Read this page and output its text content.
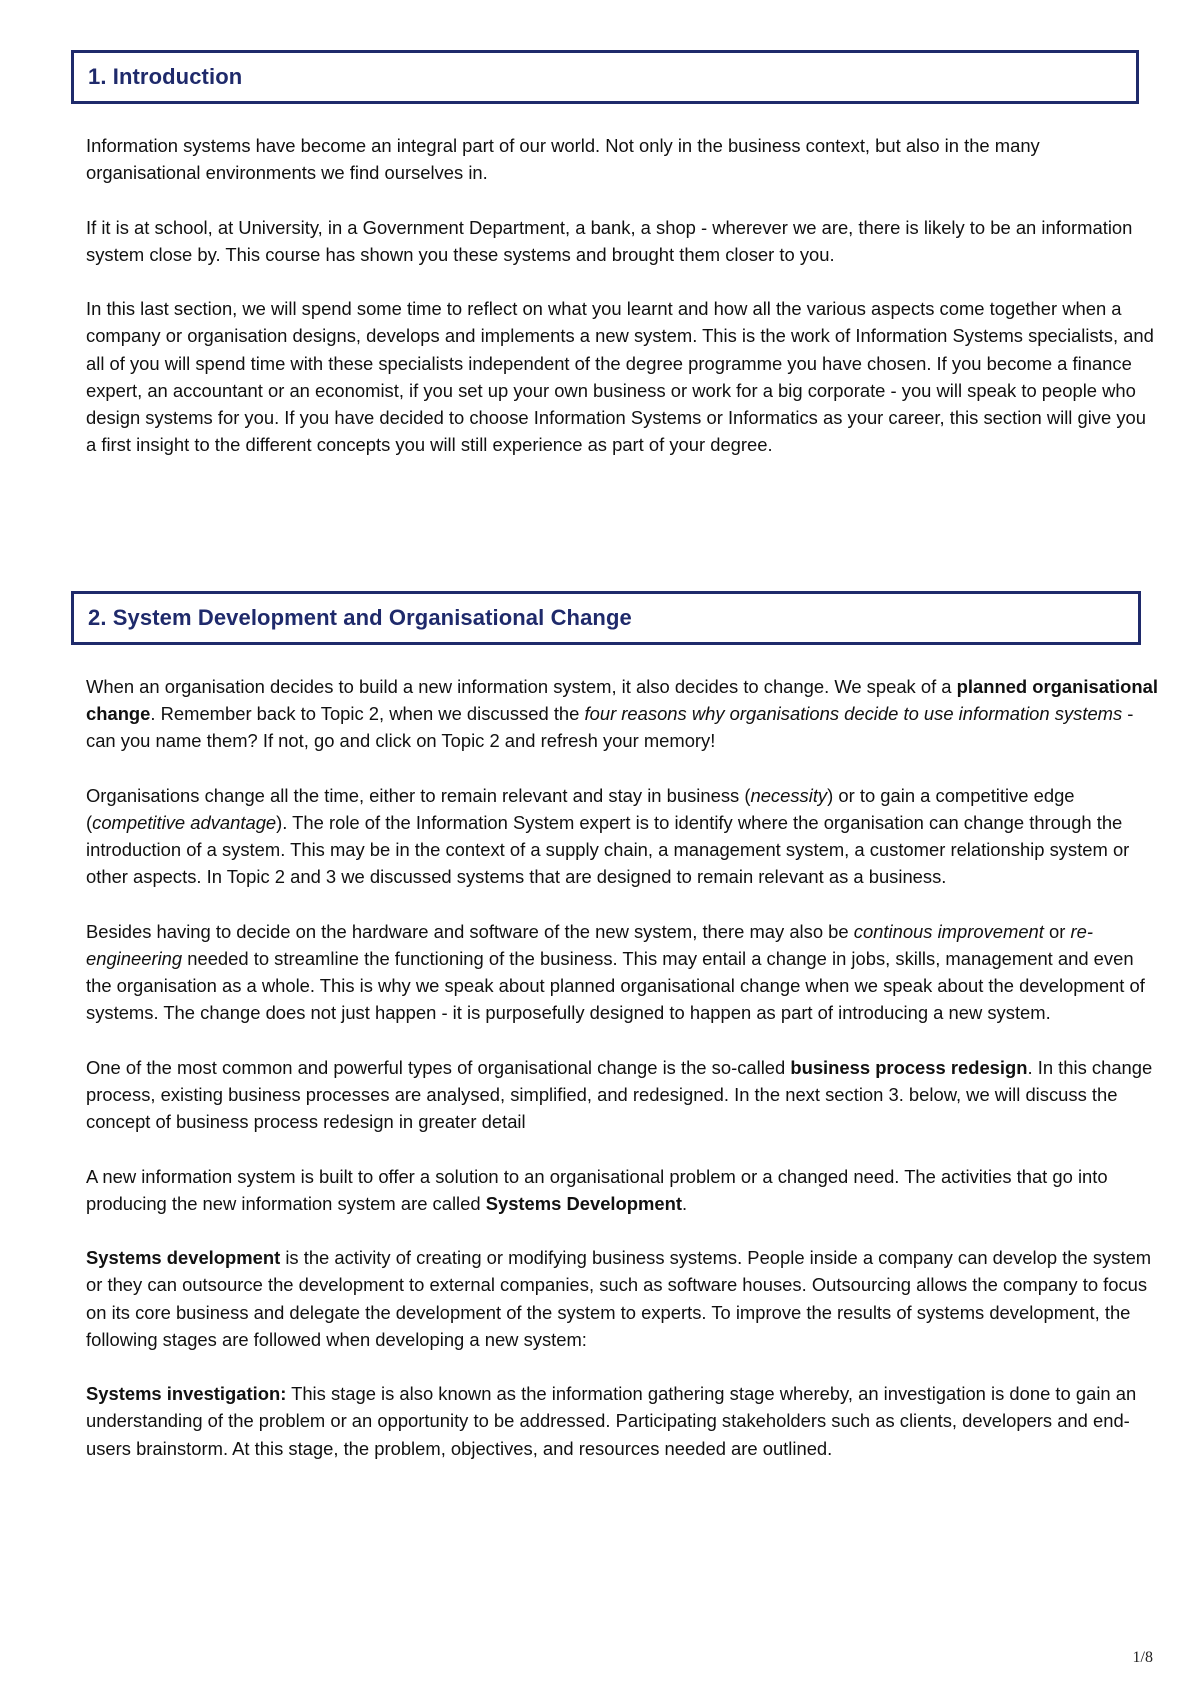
1. Introduction

Information systems have become an integral part of our world. Not only in the business context, but also in the many organisational environments we find ourselves in.

If it is at school, at University, in a Government Department, a bank, a shop - wherever we are, there is likely to be an information system close by. This course has shown you these systems and brought them closer to you.

In this last section, we will spend some time to reflect on what you learnt and how all the various aspects come together when a company or organisation designs, develops and implements a new system. This is the work of Information Systems specialists, and all of you will spend time with these specialists independent of the degree programme you have chosen. If you become a finance expert, an accountant or an economist, if you set up your own business or work for a big corporate - you will speak to people who design systems for you. If you have decided to choose Information Systems or Informatics as your career, this section will give you a first insight to the different concepts you will still experience as part of your degree.

2. System Development and Organisational Change

When an organisation decides to build a new information system, it also decides to change. We speak of a planned organisational change. Remember back to Topic 2, when we discussed the four reasons why organisations decide to use information systems - can you name them? If not, go and click on Topic 2 and refresh your memory!

Organisations change all the time, either to remain relevant and stay in business (necessity) or to gain a competitive edge (competitive advantage). The role of the Information System expert is to identify where the organisation can change through the introduction of a system. This may be in the context of a supply chain, a management system, a customer relationship system or other aspects. In Topic 2 and 3 we discussed systems that are designed to remain relevant as a business.

Besides having to decide on the hardware and software of the new system, there may also be continous improvement or re-engineering needed to streamline the functioning of the business. This may entail a change in jobs, skills, management and even the organisation as a whole. This is why we speak about planned organisational change when we speak about the development of systems. The change does not just happen - it is purposefully designed to happen as part of introducing a new system.

One of the most common and powerful types of organisational change is the so-called business process redesign. In this change process, existing business processes are analysed, simplified, and redesigned. In the next section 3. below, we will discuss the concept of business process redesign in greater detail

A new information system is built to offer a solution to an organisational problem or a changed need. The activities that go into producing the new information system are called Systems Development.

Systems development is the activity of creating or modifying business systems. People inside a company can develop the system or they can outsource the development to external companies, such as software houses. Outsourcing allows the company to focus on its core business and delegate the development of the system to experts. To improve the results of systems development, the following stages are followed when developing a new system:

Systems investigation: This stage is also known as the information gathering stage whereby, an investigation is done to gain an understanding of the problem or an opportunity to be addressed. Participating stakeholders such as clients, developers and end-users brainstorm. At this stage, the problem, objectives, and resources needed are outlined.

1/8
